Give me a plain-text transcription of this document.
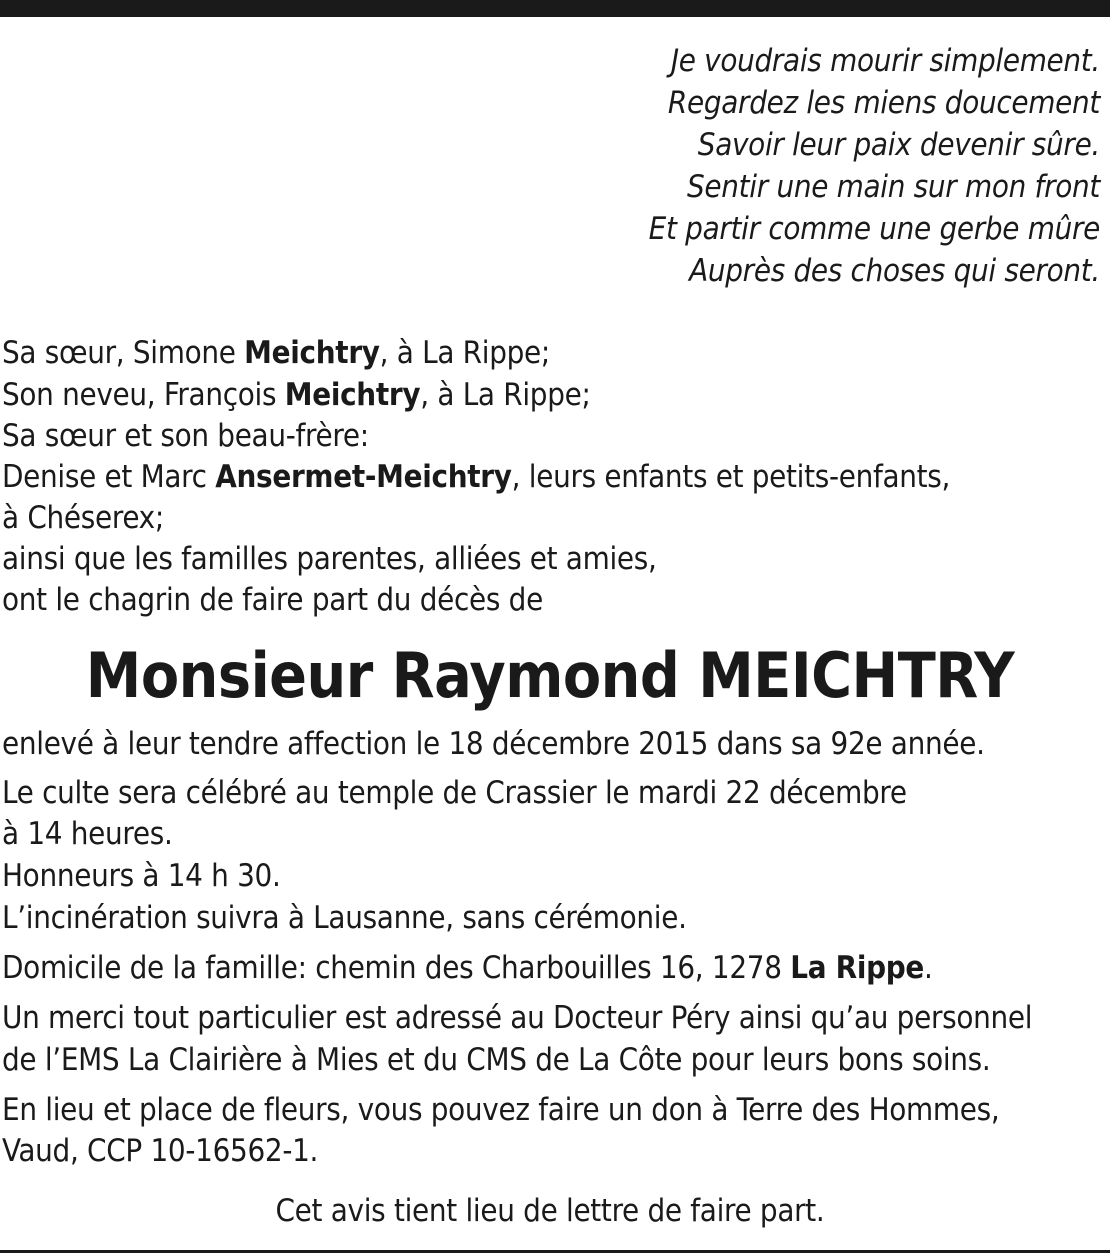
Je voudrais mourir simplement.
Regardez les miens doucement
Savoir leur paix devenir sûre.
Sentir une main sur mon front
Et partir comme une gerbe mûre
Auprès des choses qui seront.
Sa sœur, Simone Meichtry, à La Rippe;
Son neveu, François Meichtry, à La Rippe;
Sa sœur et son beau-frère:
Denise et Marc Ansermet-Meichtry, leurs enfants et petits-enfants,
à Chéserex;
ainsi que les familles parentes, alliées et amies,
ont le chagrin de faire part du décès de
Monsieur Raymond MEICHTRY
enlevé à leur tendre affection le 18 décembre 2015 dans sa 92e année.
Le culte sera célébré au temple de Crassier le mardi 22 décembre
à 14 heures.
Honneurs à 14 h 30.
L’incinération suivra à Lausanne, sans cérémonie.
Domicile de la famille: chemin des Charbouilles 16, 1278 La Rippe.
Un merci tout particulier est adressé au Docteur Péry ainsi qu’au personnel
de l’EMS La Clairière à Mies et du CMS de La Côte pour leurs bons soins.
En lieu et place de fleurs, vous pouvez faire un don à Terre des Hommes,
Vaud, CCP 10-16562-1.
Cet avis tient lieu de lettre de faire part.
